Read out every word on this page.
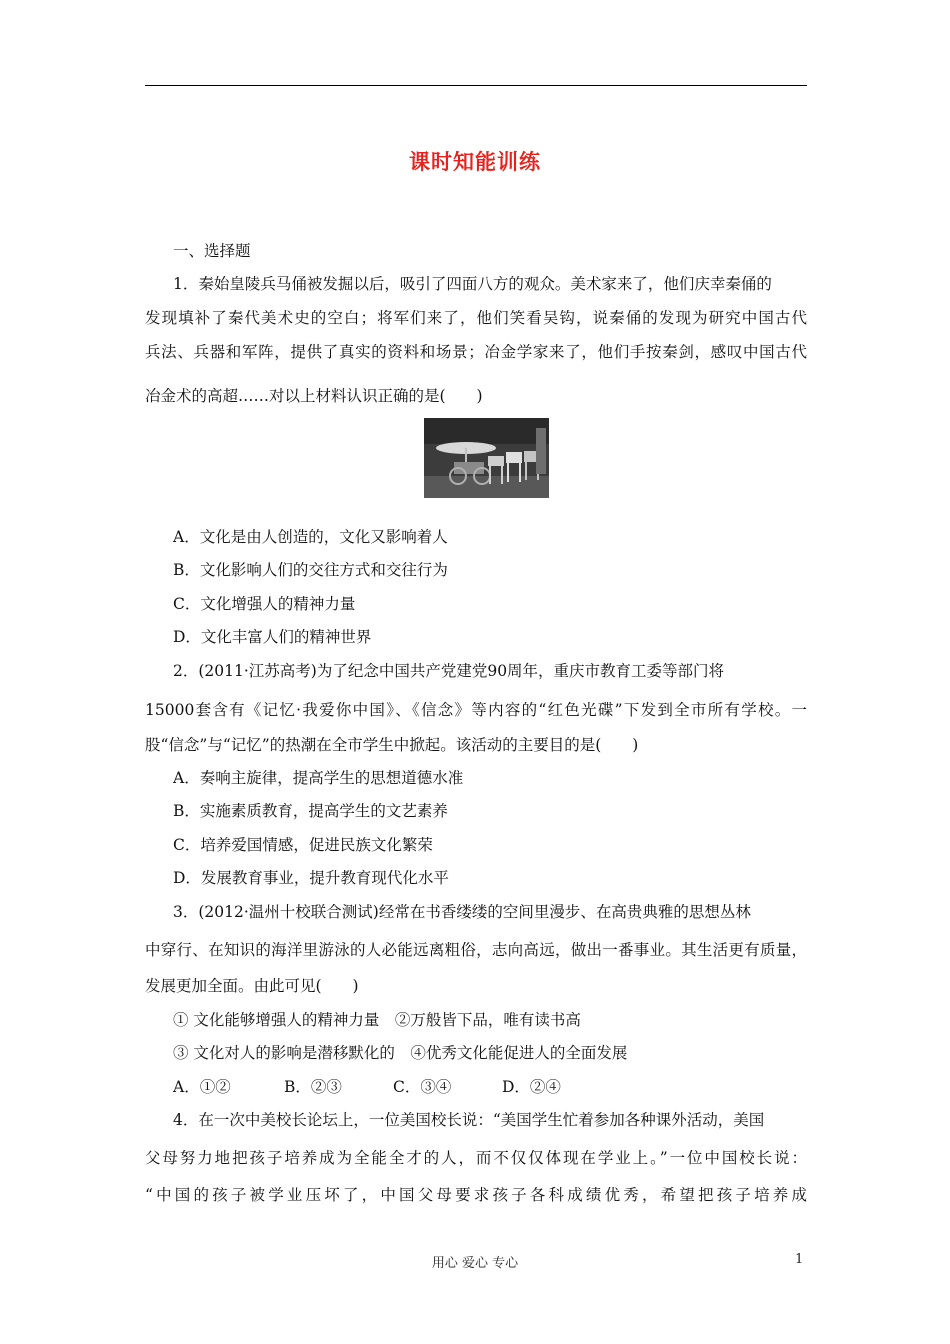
课时知能训练
一、选择题
1．秦始皇陵兵马俑被发掘以后，吸引了四面八方的观众。美术家来了，他们庆幸秦俑的
发现填补了秦代美术史的空白；将军们来了，他们笑看吴钩，说秦俑的发现为研究中国古代
兵法、兵器和军阵，提供了真实的资料和场景；冶金学家来了，他们手按秦剑，感叹中国古代
冶金术的高超……对以上材料认识正确的是(　　)
A．文化是由人创造的，文化又影响着人
B．文化影响人们的交往方式和交往行为
C．文化增强人的精神力量
D．文化丰富人们的精神世界
2．(2011·江苏高考)为了纪念中国共产党建党90周年，重庆市教育工委等部门将
15000套含有《记忆·我爱你中国》、《信念》等内容的“红色光碟”下发到全市所有学校。一
股“信念”与“记忆”的热潮在全市学生中掀起。该活动的主要目的是(　　)
A．奏响主旋律，提高学生的思想道德水准
B．实施素质教育，提高学生的文艺素养
C．培养爱国情感，促进民族文化繁荣
D．发展教育事业，提升教育现代化水平
3．(2012·温州十校联合测试)经常在书香缕缕的空间里漫步、在高贵典雅的思想丛林
中穿行、在知识的海洋里游泳的人必能远离粗俗，志向高远，做出一番事业。其生活更有质量，
发展更加全面。由此可见(　　)
① 文化能够增强人的精神力量　②万般皆下品，唯有读书高
③ 文化对人的影响是潜移默化的　④优秀文化能促进人的全面发展
A．①②	B．②③	C．③④	D．②④
4．在一次中美校长论坛上，一位美国校长说：“美国学生忙着参加各种课外活动，美国
父母努力地把孩子培养成为全能全才的人，而不仅仅体现在学业上。”一位中国校长说：
“中国的孩子被学业压坏了，中国父母要求孩子各科成绩优秀，希望把孩子培养成
用心 爱心 专心	1
